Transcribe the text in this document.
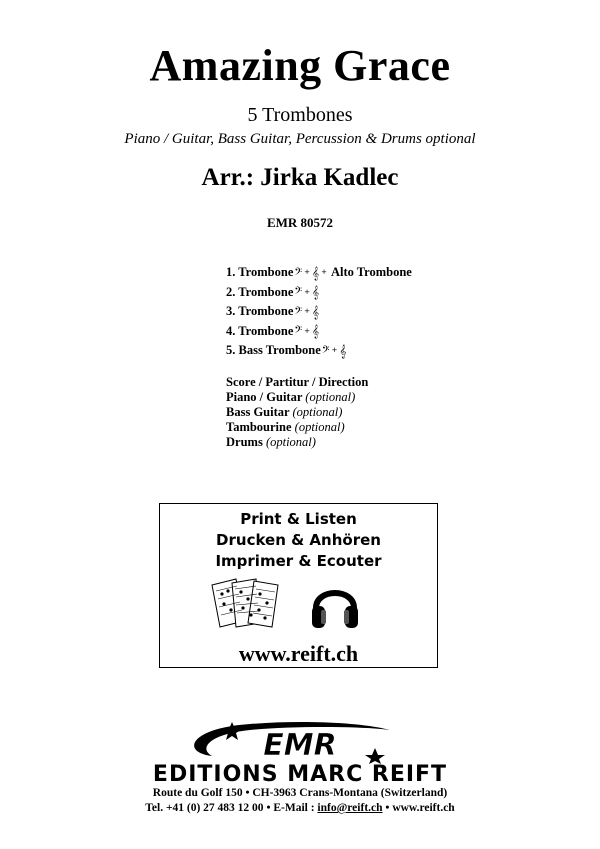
Amazing Grace
5 Trombones
Piano / Guitar, Bass Guitar, Percussion & Drums optional
Arr.: Jirka Kadlec
EMR 80572
1. Trombone 𝄢 + 𝄞 + Alto Trombone
2. Trombone 𝄢 + 𝄞
3. Trombone 𝄢 + 𝄞
4. Trombone 𝄢 + 𝄞
5. Bass Trombone 𝄢 + 𝄞
Score / Partitur / Direction
Piano / Guitar (optional)
Bass Guitar (optional)
Tambourine (optional)
Drums (optional)
Print & Listen
Drucken & Anhören
Imprimer & Ecouter
www.reift.ch
EMR
EDITIONS MARC REIFT
Route du Golf 150 • CH-3963 Crans-Montana (Switzerland)
Tel. +41 (0) 27 483 12 00 • E-Mail : info@reift.ch • www.reift.ch
